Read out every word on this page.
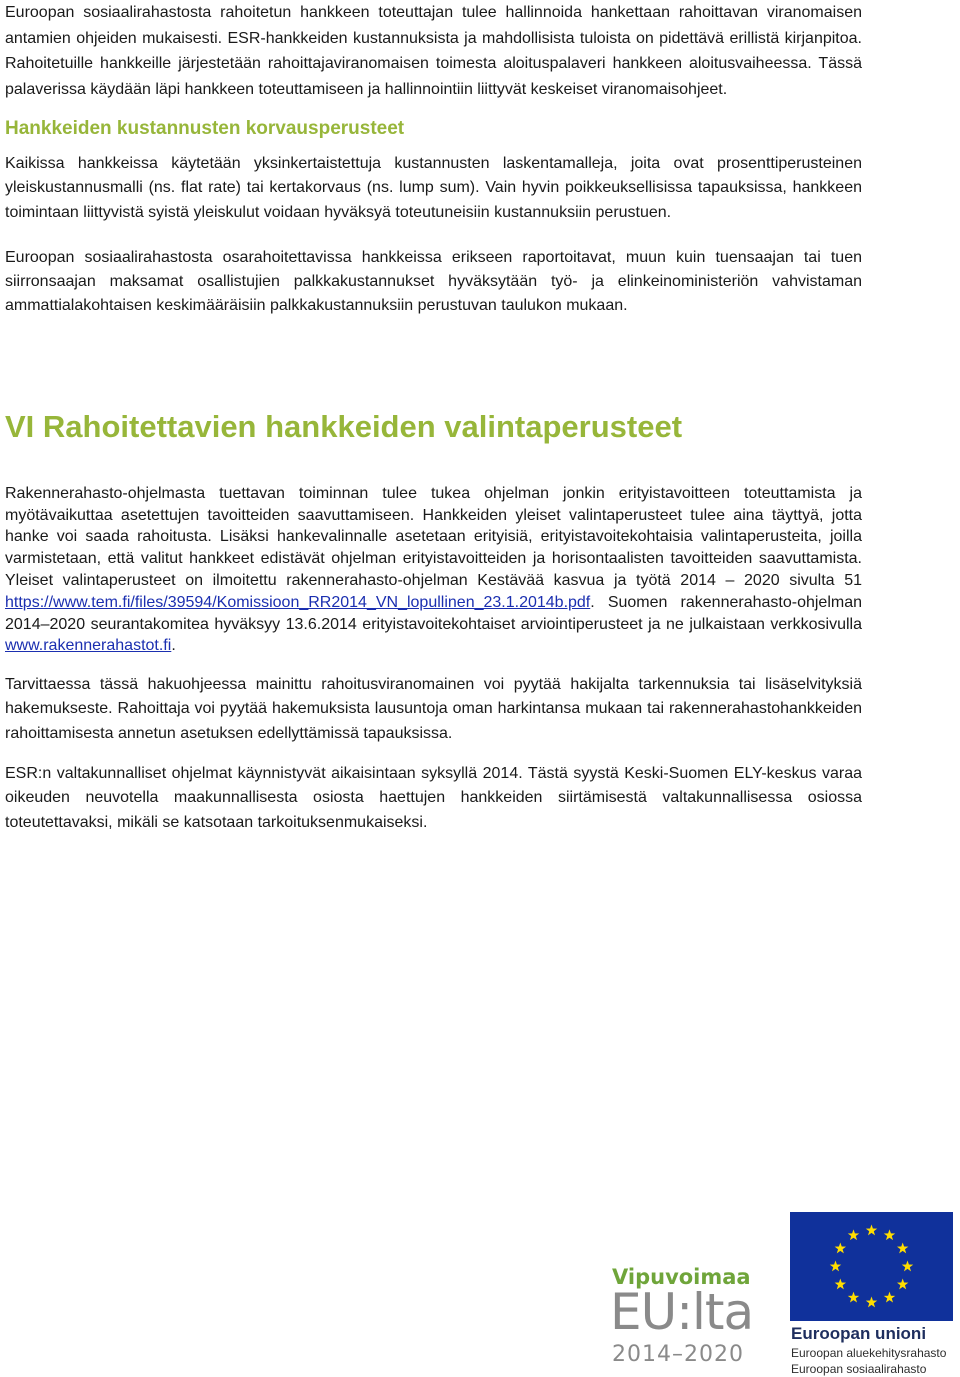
Euroopan sosiaalirahastosta rahoitetun hankkeen toteuttajan tulee hallinnoida hankettaan rahoittavan viranomaisen antamien ohjeiden mukaisesti. ESR-hankkeiden kustannuksista ja mahdollisista tuloista on pidettävä erillistä kirjanpitoa. Rahoitetuille hankkeille järjestetään rahoittajaviranomaisen toimesta aloituspalaveri hankkeen aloitusvaiheessa. Tässä palaverissa käydään läpi hankkeen toteuttamiseen ja hallinnointiin liittyvät keskeiset viranomaisohjeet.

Hankkeiden kustannusten korvausperusteet

Kaikissa hankkeissa käytetään yksinkertaistettuja kustannusten laskentamalleja, joita ovat prosenttiperusteinen yleiskustannusmalli (ns. flat rate) tai kertakorvaus (ns. lump sum). Vain hyvin poikkeuksellisissa tapauksissa, hankkeen toimintaan liittyvistä syistä yleiskulut voidaan hyväksyä toteutuneisiin kustannuksiin perustuen.

Euroopan sosiaalirahastosta osarahoitettavissa hankkeissa erikseen raportoitavat, muun kuin tuensaajan tai tuen siirronsaajan maksamat osallistujien palkkakustannukset hyväksytään työ- ja elinkeinoministeriön vahvistaman ammattialakohtaisen keskimääräisiin palkkakustannuksiin perustuvan taulukon mukaan.

VI Rahoitettavien hankkeiden valintaperusteet

Rakennerahasto-ohjelmasta tuettavan toiminnan tulee tukea ohjelman jonkin erityistavoitteen toteuttamista ja myötävaikuttaa asetettujen tavoitteiden saavuttamiseen. Hankkeiden yleiset valintaperusteet tulee aina täyttyä, jotta hanke voi saada rahoitusta. Lisäksi hankevalinnalle asetetaan erityisiä, erityistavoitekohtaisia valintaperusteita, joilla varmistetaan, että valitut hankkeet edistävät ohjelman erityistavoitteiden ja horisontaalisten tavoitteiden saavuttamista. Yleiset valintaperusteet on ilmoitettu rakennerahasto-ohjelman Kestävää kasvua ja työtä 2014 – 2020 sivulta 51 https://www.tem.fi/files/39594/Komissioon_RR2014_VN_lopullinen_23.1.2014b.pdf. Suomen rakennerahasto-ohjelman 2014–2020 seurantakomitea hyväksyy 13.6.2014 erityistavoitekohtaiset arviointiperusteet ja ne julkaistaan verkkosivulla www.rakennerahastot.fi.

Tarvittaessa tässä hakuohjeessa mainittu rahoitusviranomainen voi pyytää hakijalta tarkennuksia tai lisäselvityksiä hakemukseste. Rahoittaja voi pyytää hakemuksista lausuntoja oman harkintansa mukaan tai rakennerahastohankkeiden rahoittamisesta annetun asetuksen edellyttämissä tapauksissa.

ESR:n valtakunnalliset ohjelmat käynnistyvät aikaisintaan syksyllä 2014. Tästä syystä Keski-Suomen ELY-keskus varaa oikeuden neuvotella maakunnallisesta osiosta haettujen hankkeiden siirtämisestä valtakunnallisessa osiossa toteutettavaksi, mikäli se katsotaan tarkoituksenmukaiseksi.

Vipuvoimaa
EU:lta
2014–2020
Euroopan unioni
Euroopan aluekehitysrahasto
Euroopan sosiaalirahasto
